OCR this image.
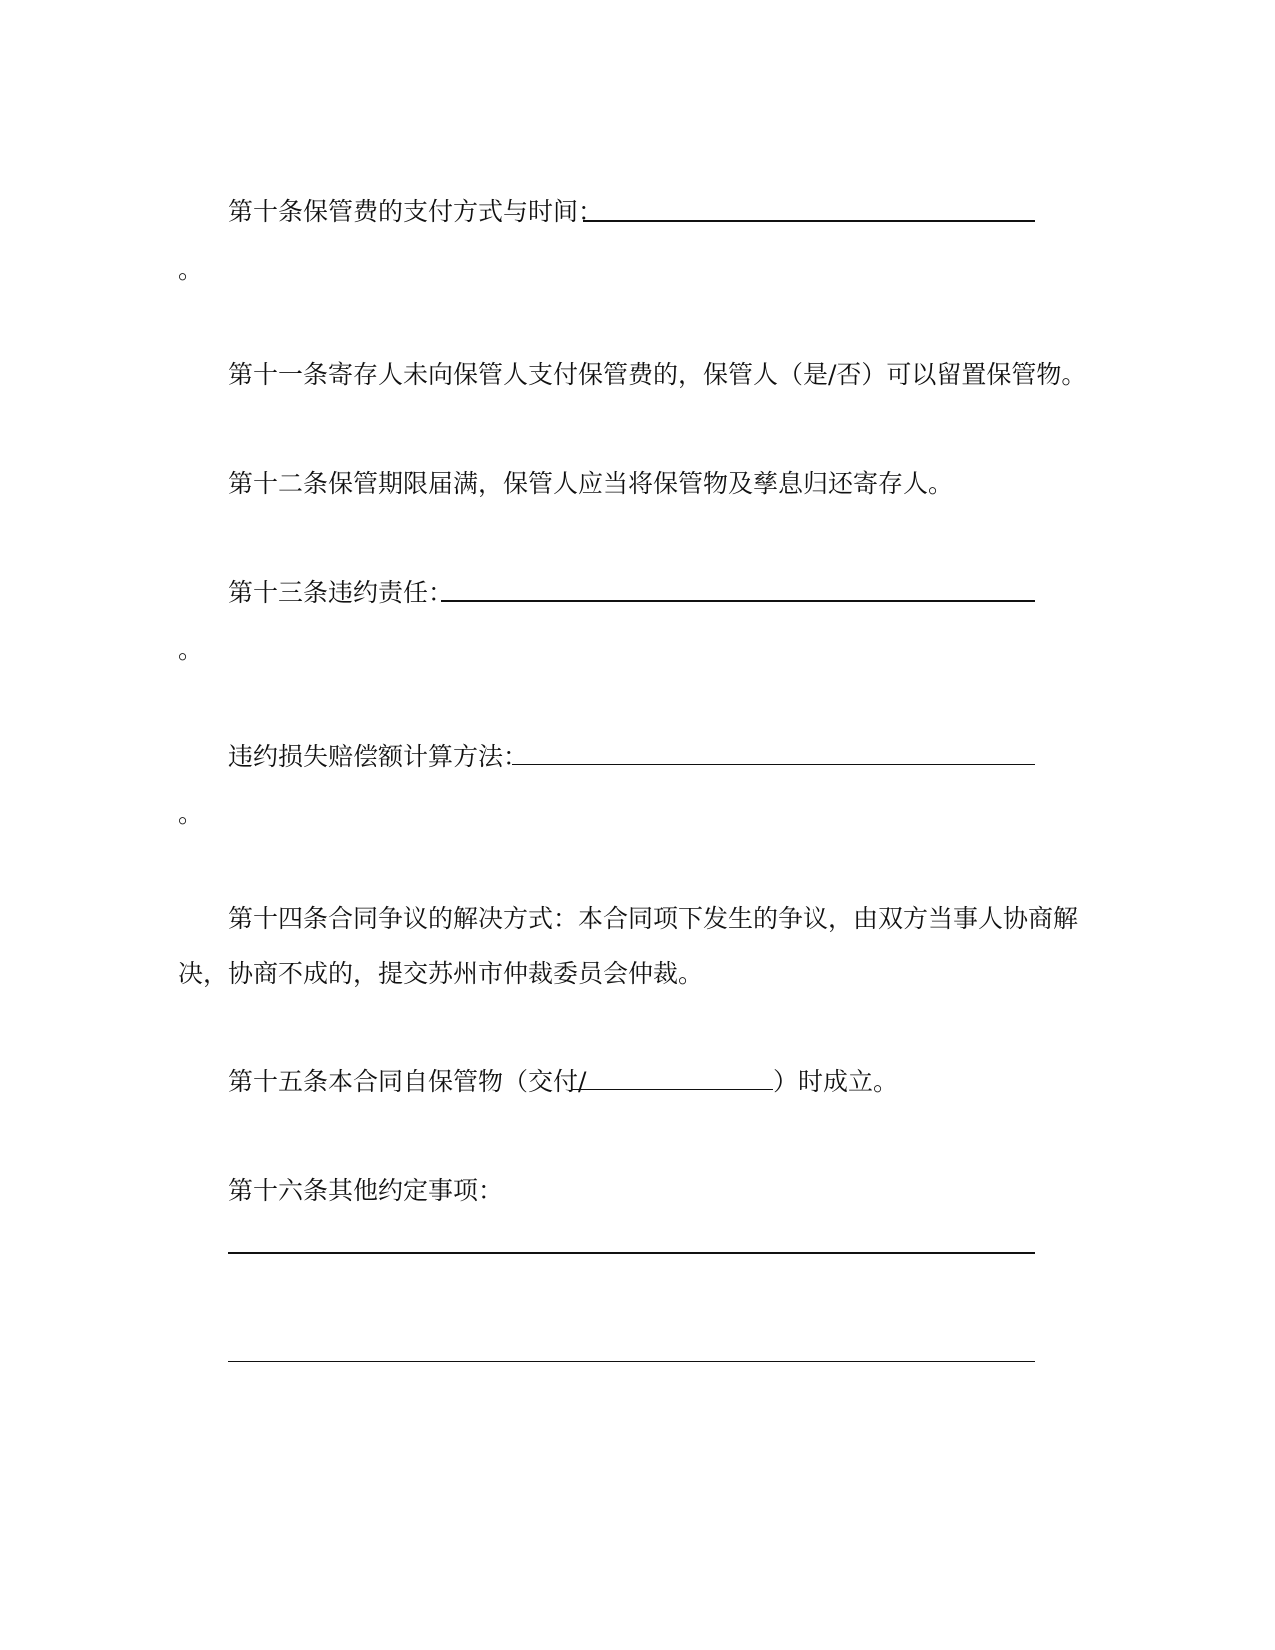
第十条保管费的支付方式与时间：
。
第十一条寄存人未向保管人支付保管费的，保管人（是/否）可以留置保管物。
第十二条保管期限届满，保管人应当将保管物及孳息归还寄存人。
第十三条违约责任：
。
违约损失赔偿额计算方法：
。
第十四条合同争议的解决方式：本合同项下发生的争议，由双方当事人协商解
决，协商不成的，提交苏州市仲裁委员会仲裁。
第十五条本合同自保管物（交付/	）时成立。
第十六条其他约定事项：
